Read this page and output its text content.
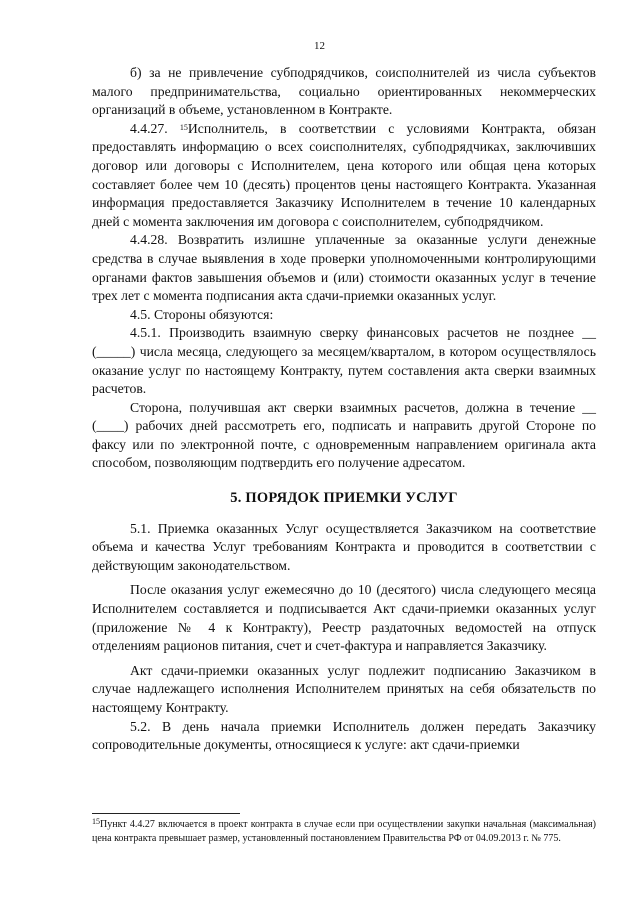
12

б) за не привлечение субподрядчиков, соисполнителей из числа субъектов малого предпринимательства, социально ориентированных некоммерческих организаций в объеме, установленном в Контракте.

4.4.27. $^{15}$Исполнитель, в соответствии с условиями Контракта, обязан предоставлять информацию о всех соисполнителях, субподрядчиках, заключивших договор или договоры с Исполнителем, цена которого или общая цена которых составляет более чем 10 (десять) процентов цены настоящего Контракта. Указанная информация предоставляется Заказчику Исполнителем в течение 10 календарных дней с момента заключения им договора с соисполнителем, субподрядчиком.

4.4.28. Возвратить излишне уплаченные за оказанные услуги денежные средства в случае выявления в ходе проверки уполномоченными контролирующими органами фактов завышения объемов и (или) стоимости оказанных услуг в течение трех лет с момента подписания акта сдачи-приемки оказанных услуг.

4.5. Стороны обязуются:

4.5.1. Производить взаимную сверку финансовых расчетов не позднее __ (_____) числа месяца, следующего за месяцем/кварталом, в котором осуществлялось оказание услуг по настоящему Контракту, путем составления акта сверки взаимных расчетов.

Сторона, получившая акт сверки взаимных расчетов, должна в течение __ (____) рабочих дней рассмотреть его, подписать и направить другой Стороне по факсу или по электронной почте, с одновременным направлением оригинала акта способом, позволяющим подтвердить его получение адресатом.

5. ПОРЯДОК ПРИЕМКИ УСЛУГ

5.1. Приемка оказанных Услуг осуществляется Заказчиком на соответствие объема и качества Услуг требованиям Контракта и проводится в соответствии с действующим законодательством.

После оказания услуг ежемесячно до 10 (десятого) числа следующего месяца Исполнителем составляется и подписывается Акт сдачи-приемки оказанных услуг (приложение № 4 к Контракту), Реестр раздаточных ведомостей на отпуск отделениям рационов питания, счет и счет-фактура и направляется Заказчику.

Акт сдачи-приемки оказанных услуг подлежит подписанию Заказчиком в случае надлежащего исполнения Исполнителем принятых на себя обязательств по настоящему Контракту.

5.2. В день начала приемки Исполнитель должен передать Заказчику сопроводительные документы, относящиеся к услуге: акт сдачи-приемки

$^{15}$Пункт 4.4.27 включается в проект контракта в случае если при осуществлении закупки начальная (максимальная) цена контракта превышает размер, установленный постановлением Правительства РФ от 04.09.2013 г. № 775.
